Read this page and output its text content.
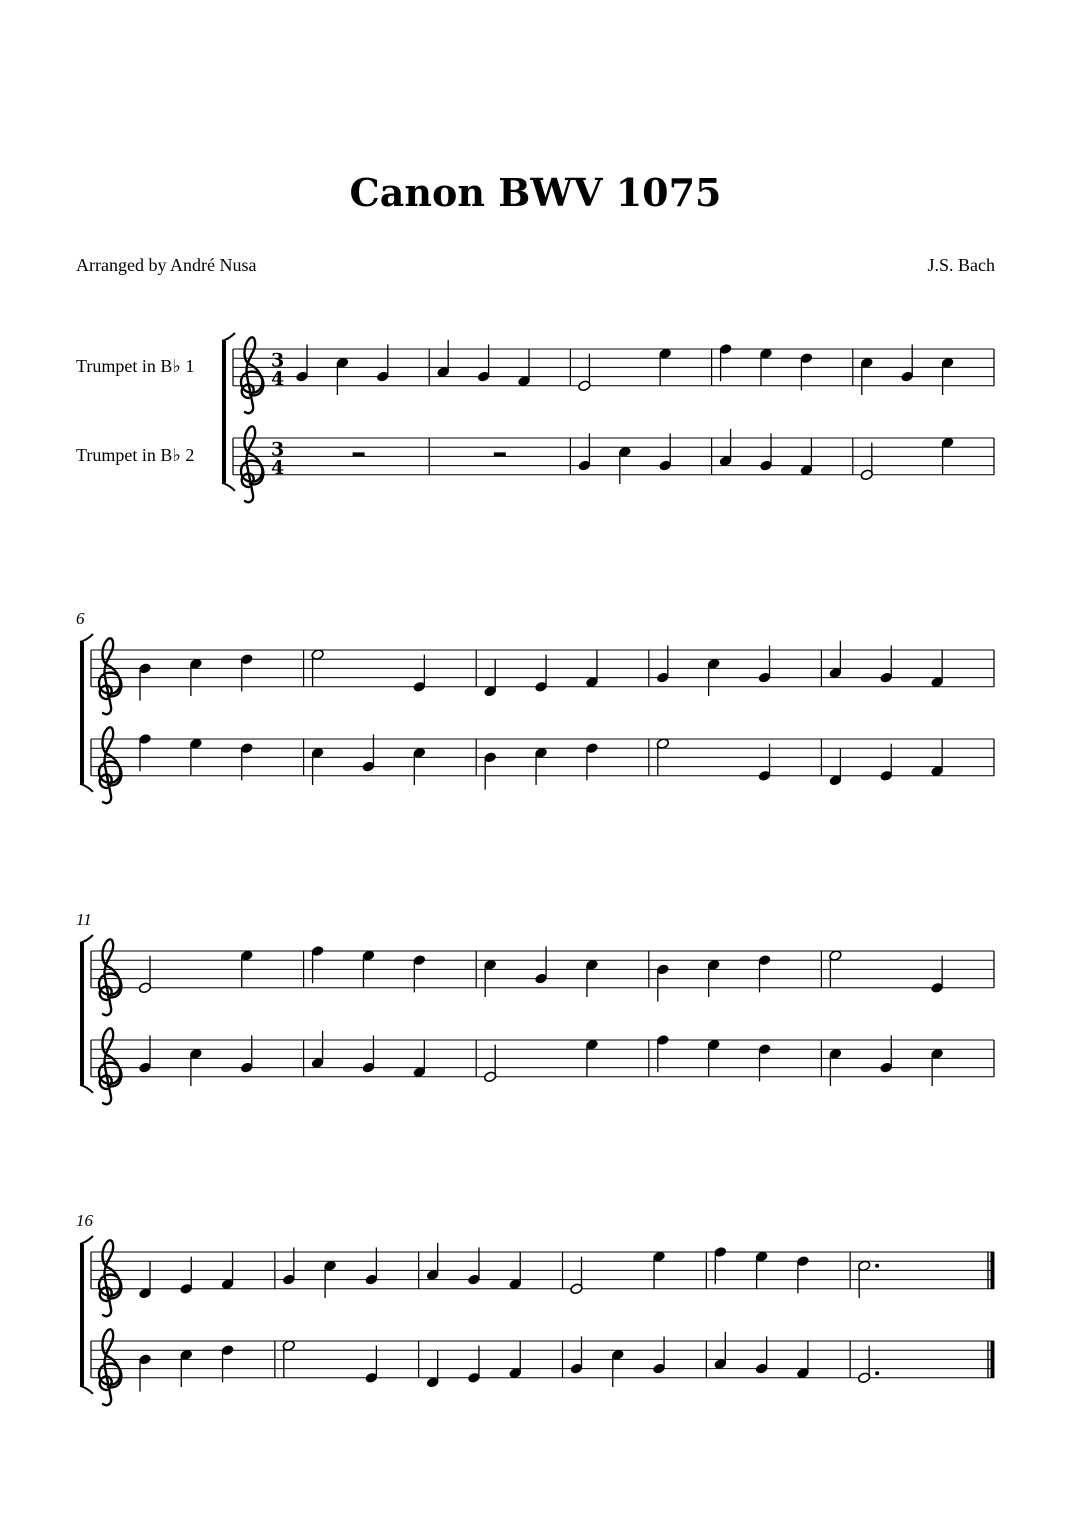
Canon BWV 1075
Arranged by André Nusa	J.S. Bach
Trumpet in B♭ 1
Trumpet in B♭ 2
6
11
16
3
4
3
4
